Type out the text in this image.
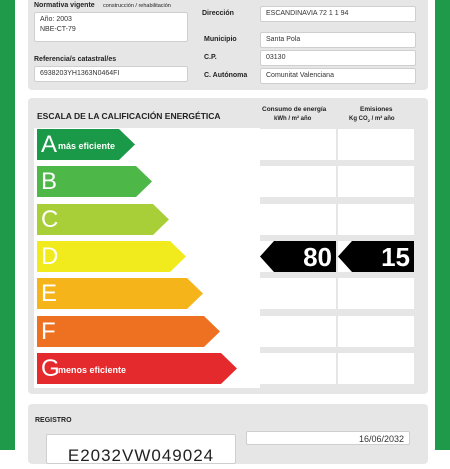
Normativa vigente construcción / rehabilitación
Año: 2003
NBE-CT-79
Referencia/s catastral/es
6938203YH1363N0464FI
Dirección	ESCANDINAVIA 72 1 1 94
Municipio	Santa Pola
C.P.	03130
C. Autónoma	Comunitat Valenciana
ESCALA DE LA CALIFICACIÓN ENERGÉTICA
Consumo de energía
kWh / m² año
Emisiones
Kg $CO_2 / m^2$ año
A más eficiente
B
C
D	80 15
E
F
G
menos eficiente
REGISTRO
E2032VW049024
16/06/2032
